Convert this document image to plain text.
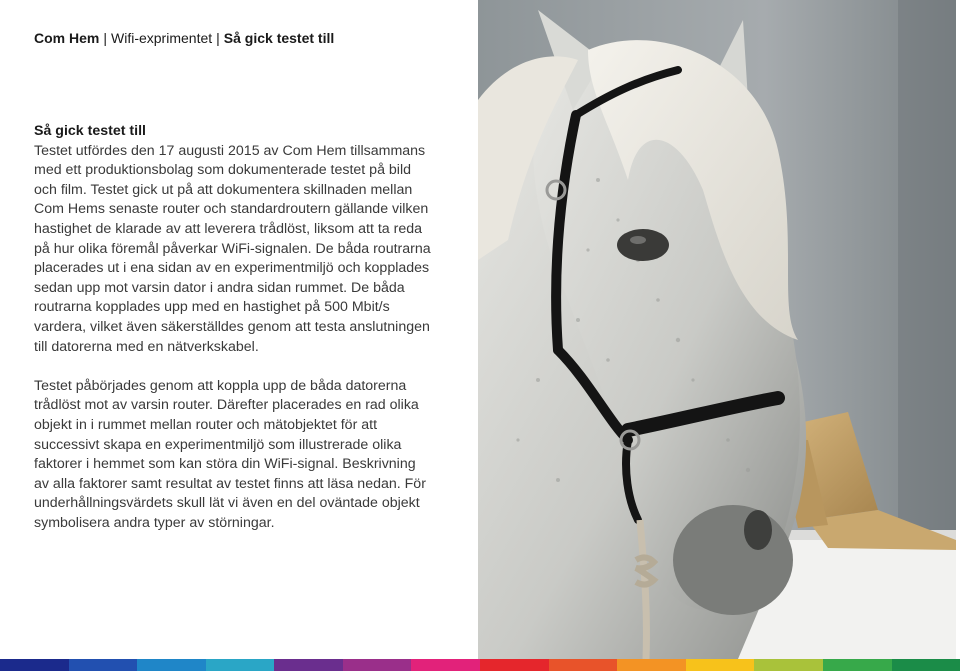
Com Hem | Wifi-exprimentet | Så gick testet till
Så gick testet till

Testet utfördes den 17 augusti 2015 av Com Hem tillsammans med ett produktionsbolag som dokumenterade testet på bild och film. Testet gick ut på att dokumentera skillnaden mellan Com Hems senaste router och standardroutern gällande vilken hastighet de klarade av att leverera trådlöst, liksom att ta reda på hur olika föremål påverkar WiFi-signalen. De båda routrarna placerades ut i ena sidan av en experimentmiljö och kopplades sedan upp mot varsin dator i andra sidan rummet. De båda routrarna kopplades upp med en hastighet på 500 Mbit/s vardera, vilket även säkerställdes genom att testa anslutningen till datorerna med en nätverkskabel.

Testet påbörjades genom att koppla upp de båda datorerna trådlöst mot av varsin router. Därefter placerades en rad olika objekt in i rummet mellan router och mätobjektet för att successivt skapa en experimentmiljö som illustrerade olika faktorer i hemmet som kan störa din WiFi-signal. Beskrivning av alla faktorer samt resultat av testet finns att läsa nedan. För underhållningsvärdets skull lät vi även en del oväntade objekt symbolisera andra typer av störningar.
